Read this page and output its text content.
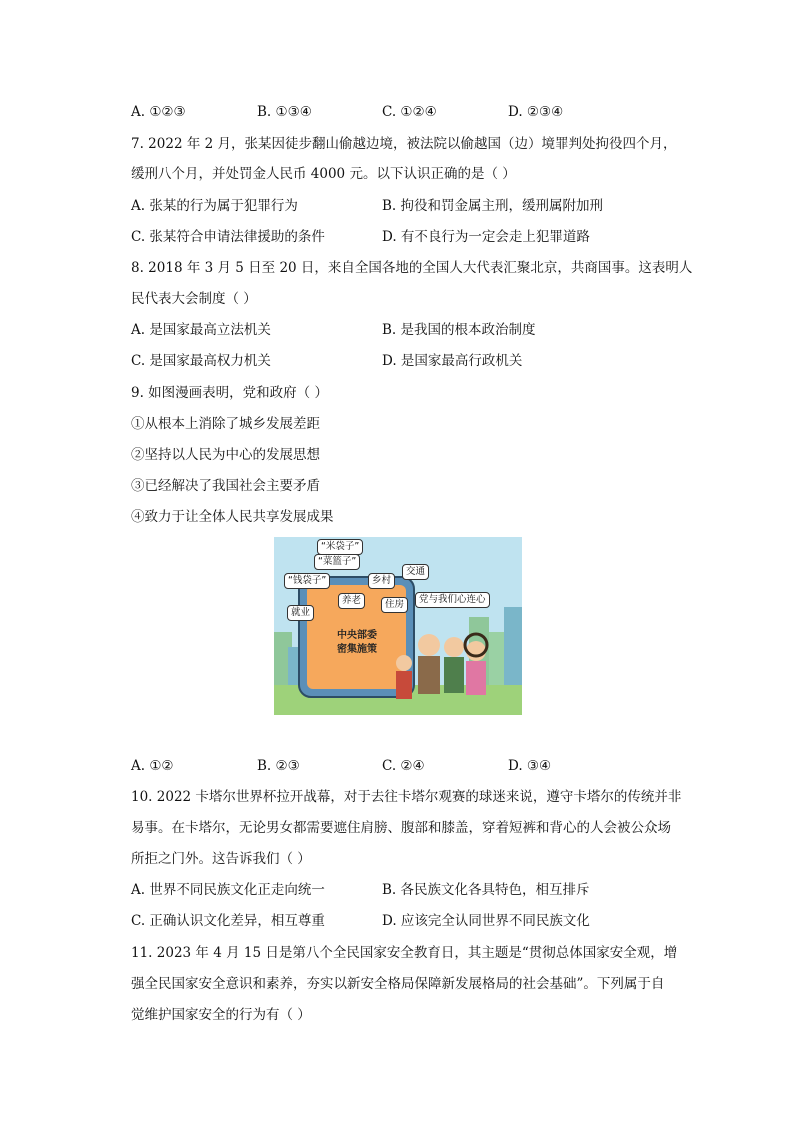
A. ①②③	B. ①③④	C. ①②④	D. ②③④
7. 2022 年 2 月，张某因徒步翻山偷越边境，被法院以偷越国（边）境罪判处拘役四个月，
缓刑八个月，并处罚金人民币 4000 元。以下认识正确的是（ ）
A. 张某的行为属于犯罪行为	B. 拘役和罚金属主刑，缓刑属附加刑
C. 张某符合申请法律援助的条件	D. 有不良行为一定会走上犯罪道路
8. 2018 年 3 月 5 日至 20 日，来自全国各地的全国人大代表汇聚北京，共商国事。这表明人
民代表大会制度（ ）
A. 是国家最高立法机关	B. 是我国的根本政治制度
C. 是国家最高权力机关	D. 是国家最高行政机关
9. 如图漫画表明，党和政府（ ）
①从根本上消除了城乡发展差距
②坚持以人民为中心的发展思想
③已经解决了我国社会主要矛盾
④致力于让全体人民共享发展成果
“米袋子”
“菜篮子”
“钱袋子”	乡村
交通
养老	住房
就业
党与我们心连心
中央部委
密集施策
A. ①②	B. ②③	C. ②④	D. ③④
10. 2022 卡塔尔世界杯拉开战幕，对于去往卡塔尔观赛的球迷来说，遵守卡塔尔的传统并非
易事。在卡塔尔，无论男女都需要遮住肩膀、腹部和膝盖，穿着短裤和背心的人会被公众场
所拒之门外。这告诉我们（ ）
A. 世界不同民族文化正走向统一	B. 各民族文化各具特色，相互排斥
C. 正确认识文化差异，相互尊重	D. 应该完全认同世界不同民族文化
11. 2023 年 4 月 15 日是第八个全民国家安全教育日，其主题是“贯彻总体国家安全观，增
强全民国家安全意识和素养，夯实以新安全格局保障新发展格局的社会基础”。下列属于自
觉维护国家安全的行为有（ ）
